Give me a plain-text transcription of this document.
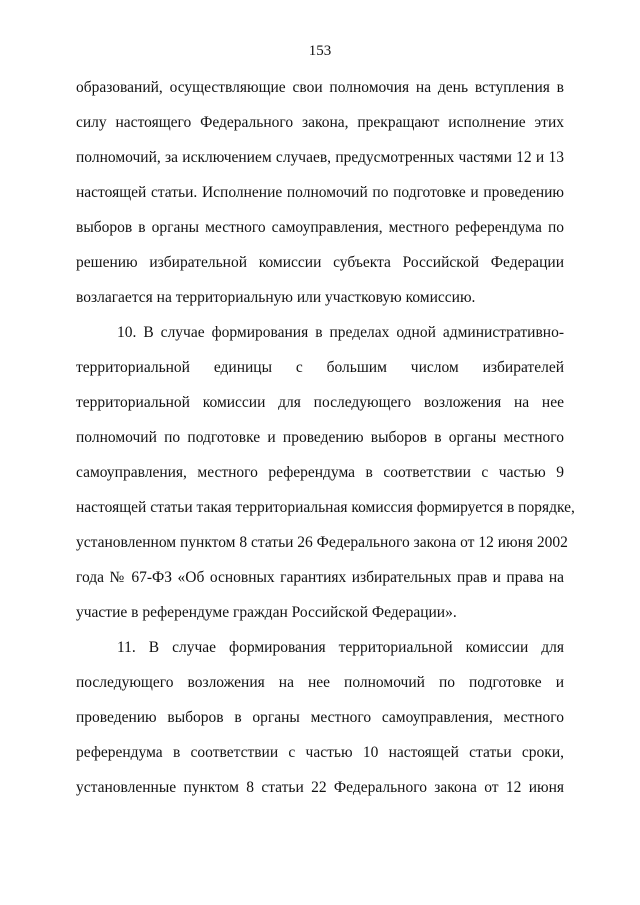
153
образований, осуществляющие свои полномочия на день вступления в
силу настоящего Федерального закона, прекращают исполнение этих
полномочий, за исключением случаев, предусмотренных частями 12 и 13
настоящей статьи. Исполнение полномочий по подготовке и проведению
выборов в органы местного самоуправления, местного референдума по
решению избирательной комиссии субъекта Российской Федерации
возлагается на территориальную или участковую комиссию.
10. В случае формирования в пределах одной административно-
территориальной единицы с большим числом избирателей
территориальной комиссии для последующего возложения на нее
полномочий по подготовке и проведению выборов в органы местного
самоуправления, местного референдума в соответствии с частью 9
настоящей статьи такая территориальная комиссия формируется в порядке,
установленном пунктом 8 статьи 26 Федерального закона от 12 июня 2002
года № 67-ФЗ «Об основных гарантиях избирательных прав и права на
участие в референдуме граждан Российской Федерации».
11. В случае формирования территориальной комиссии для
последующего возложения на нее полномочий по подготовке и
проведению выборов в органы местного самоуправления, местного
референдума в соответствии с частью 10 настоящей статьи сроки,
установленные пунктом 8 статьи 22 Федерального закона от 12 июня
